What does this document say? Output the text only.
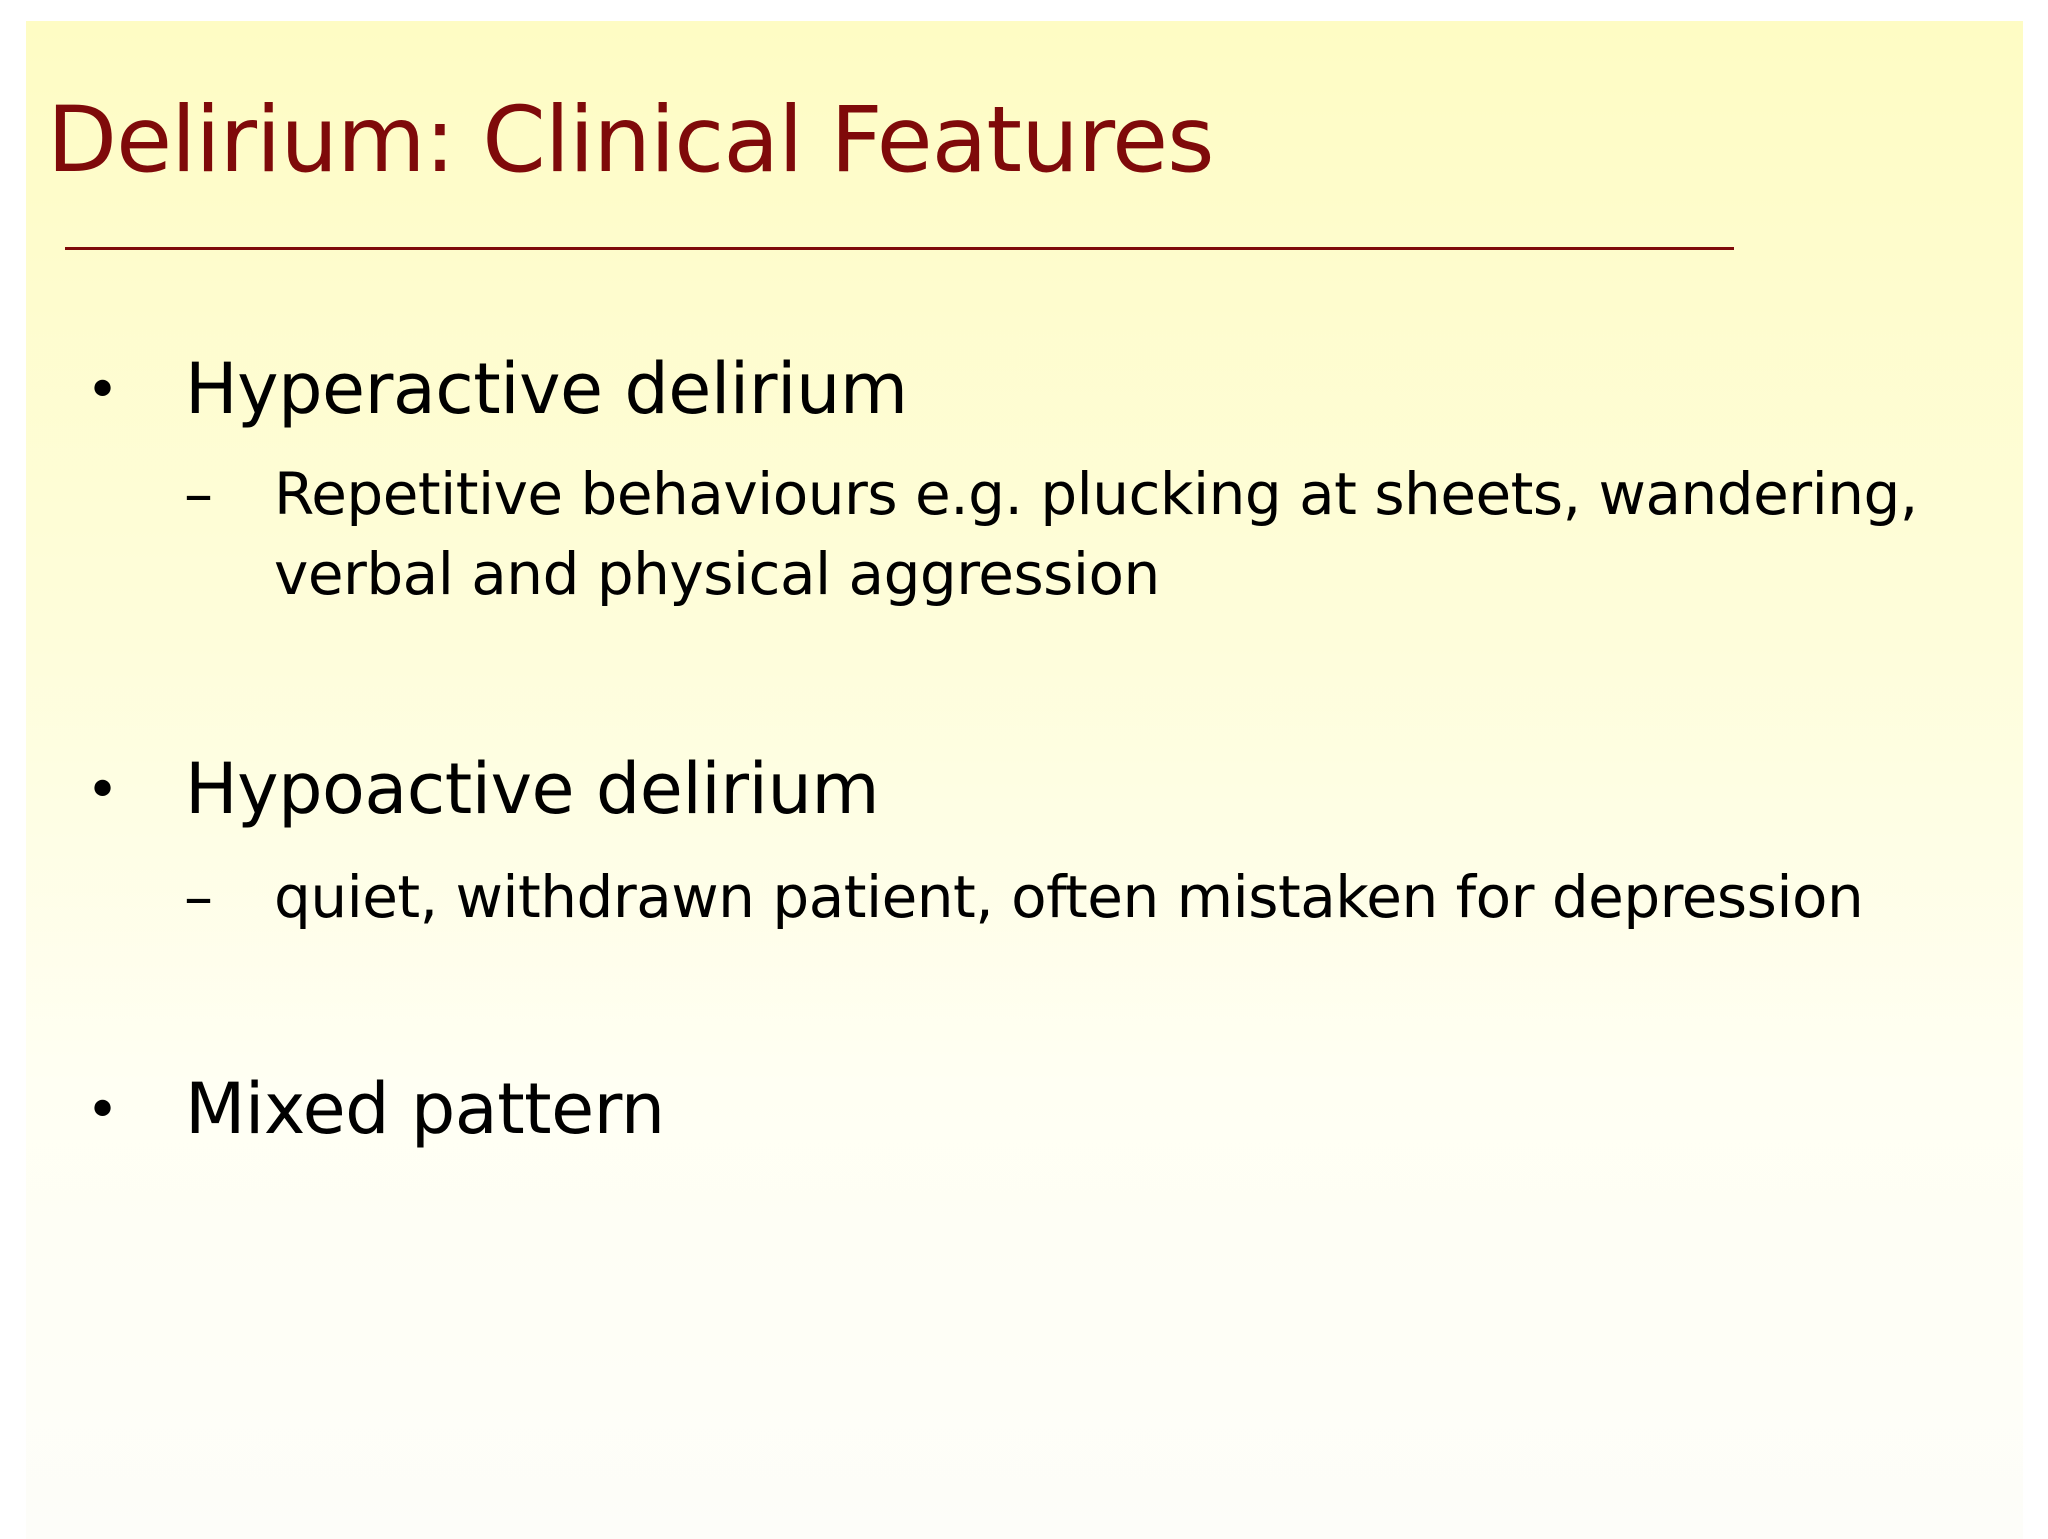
Delirium: Clinical Features
• Hyperactive delirium
– Repetitive behaviours e.g. plucking at sheets, wandering, verbal and physical aggression
• Hypoactive delirium
– quiet, withdrawn patient, often mistaken for depression
• Mixed pattern
